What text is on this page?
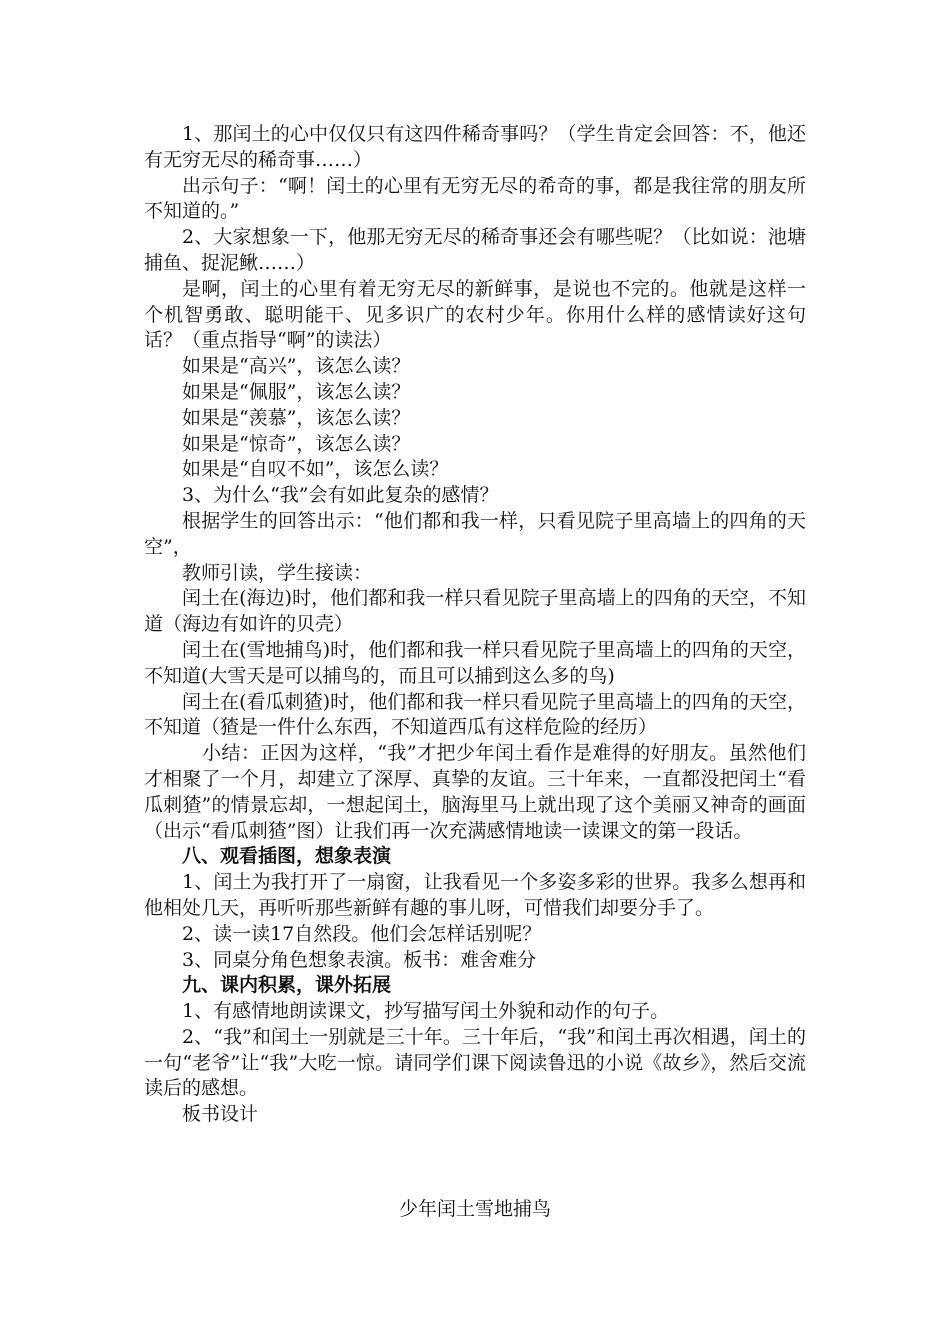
1、那闰土的心中仅仅只有这四件稀奇事吗？（学生肯定会回答：不，他还有无穷无尽的稀奇事……）

出示句子：“啊！闰土的心里有无穷无尽的希奇的事，都是我往常的朋友所不知道的。”

2、大家想象一下，他那无穷无尽的稀奇事还会有哪些呢？（比如说：池塘捕鱼、捉泥鳅……）

是啊，闰土的心里有着无穷无尽的新鲜事，是说也不完的。他就是这样一个机智勇敢、聪明能干、见多识广的农村少年。你用什么样的感情读好这句话？（重点指导“啊”的读法）

如果是“高兴”，该怎么读？

如果是“佩服”，该怎么读？

如果是“羡慕”，该怎么读？

如果是“惊奇”，该怎么读？

如果是“自叹不如”，该怎么读？

3、为什么“我”会有如此复杂的感情？

根据学生的回答出示：“他们都和我一样，只看见院子里高墙上的四角的天空”，

教师引读，学生接读：

闰土在(海边)时，他们都和我一样只看见院子里高墙上的四角的天空，不知道（海边有如许的贝壳）

闰土在(雪地捕鸟)时，他们都和我一样只看见院子里高墙上的四角的天空，不知道(大雪天是可以捕鸟的，而且可以捕到这么多的鸟)

闰土在(看瓜刺猹)时，他们都和我一样只看见院子里高墙上的四角的天空，不知道（猹是一件什么东西，不知道西瓜有这样危险的经历）

小结：正因为这样，“我”才把少年闰土看作是难得的好朋友。虽然他们才相聚了一个月，却建立了深厚、真挚的友谊。三十年来，一直都没把闰土“看瓜刺猹”的情景忘却，一想起闰土，脑海里马上就出现了这个美丽又神奇的画面（出示“看瓜刺猹”图）让我们再一次充满感情地读一读课文的第一段话。

八、观看插图，想象表演

1、闰土为我打开了一扇窗，让我看见一个多姿多彩的世界。我多么想再和他相处几天，再听听那些新鲜有趣的事儿呀，可惜我们却要分手了。

2、读一读17自然段。他们会怎样话别呢？

3、同桌分角色想象表演。板书：难舍难分

九、课内积累，课外拓展

1、有感情地朗读课文，抄写描写闰土外貌和动作的句子。

2、“我”和闰土一别就是三十年。三十年后，“我”和闰土再次相遇，闰土的一句“老爷”让“我”大吃一惊。请同学们课下阅读鲁迅的小说《故乡》，然后交流读后的感想。

板书设计

少年闰土雪地捕鸟
